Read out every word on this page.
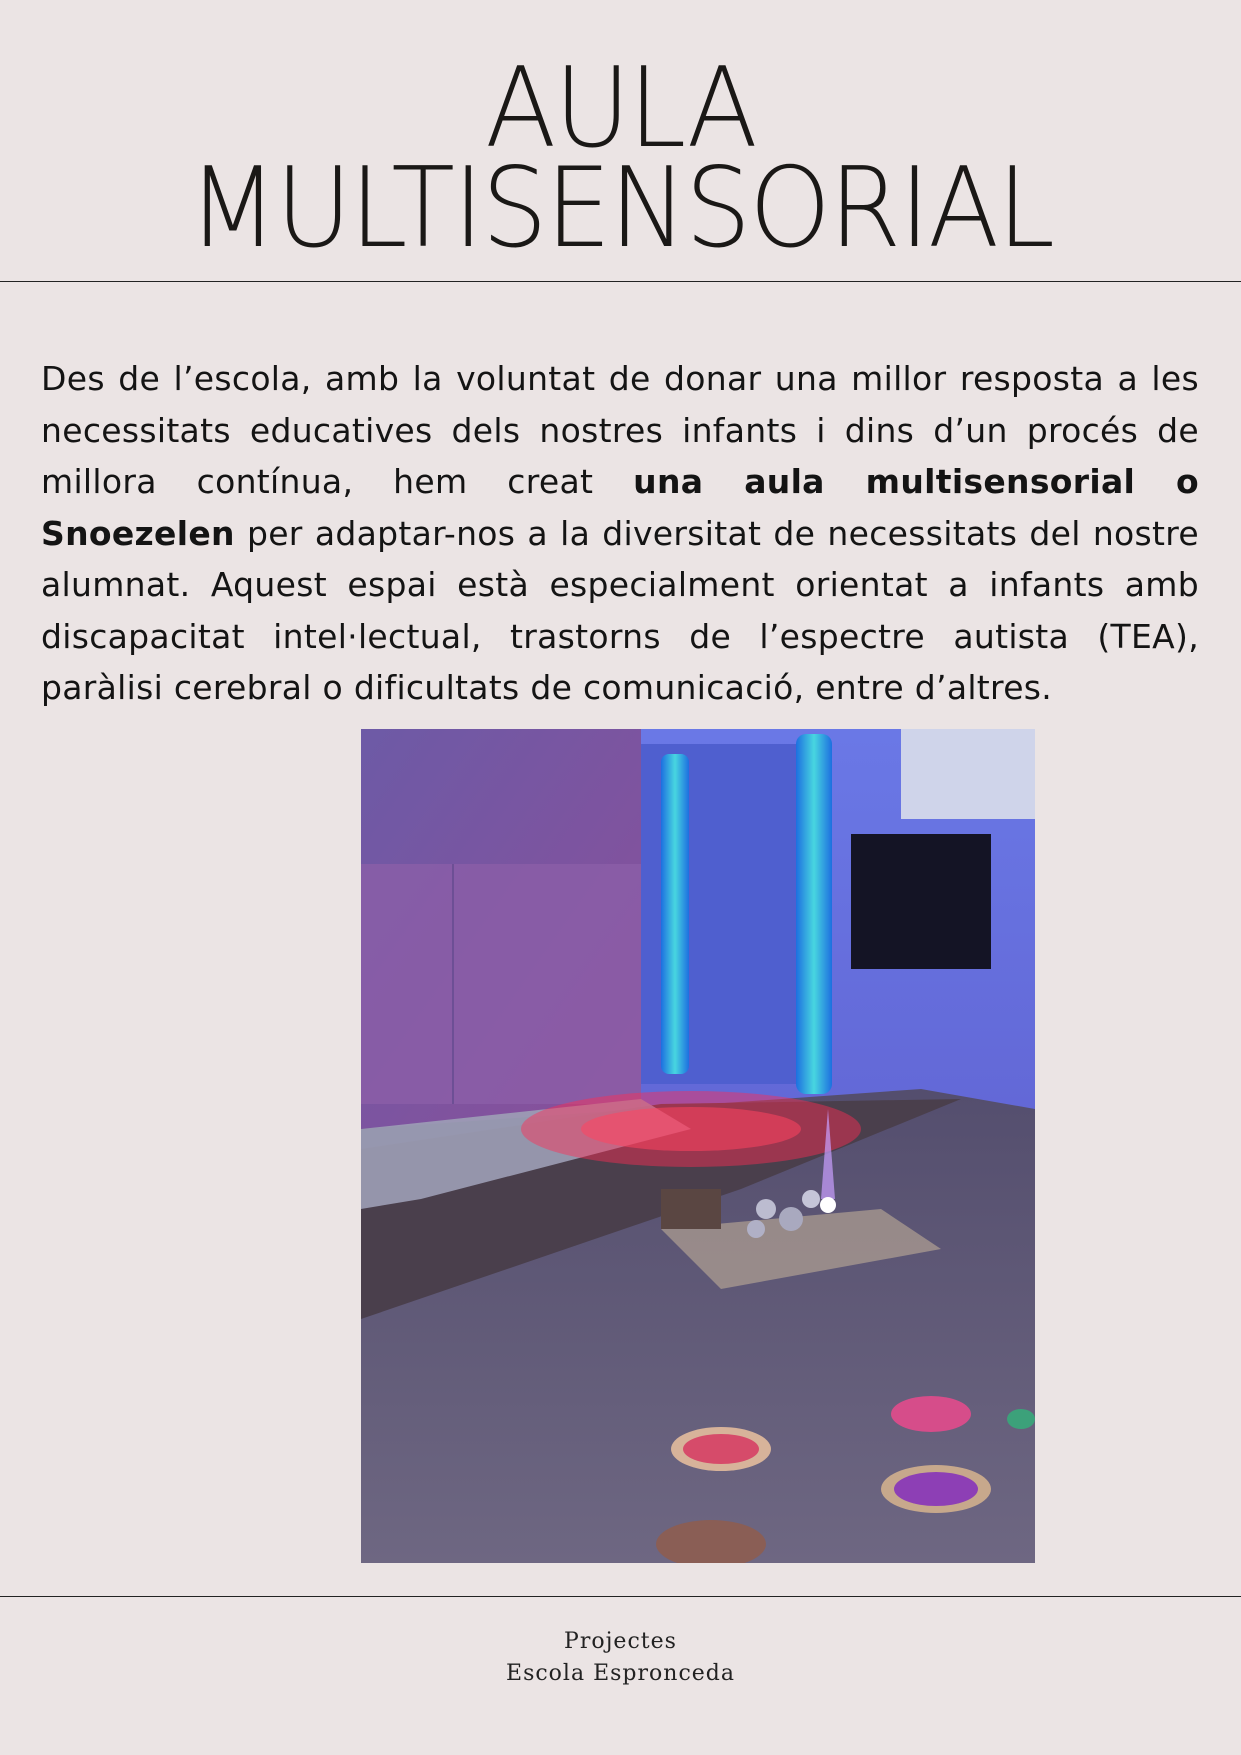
AULA
MULTISENSORIAL

Des de l’escola, amb la voluntat de donar una millor resposta a les necessitats educatives dels nostres infants i dins d’un procés de millora contínua, hem creat una aula multisensorial o Snoezelen per adaptar-nos a la diversitat de necessitats del nostre alumnat. Aquest espai està especialment orientat a infants amb discapacitat intel·lectual, trastorns de l’espectre autista (TEA), paràlisi cerebral o dificultats de comunicació, entre d’altres.

Projectes
Escola Espronceda
